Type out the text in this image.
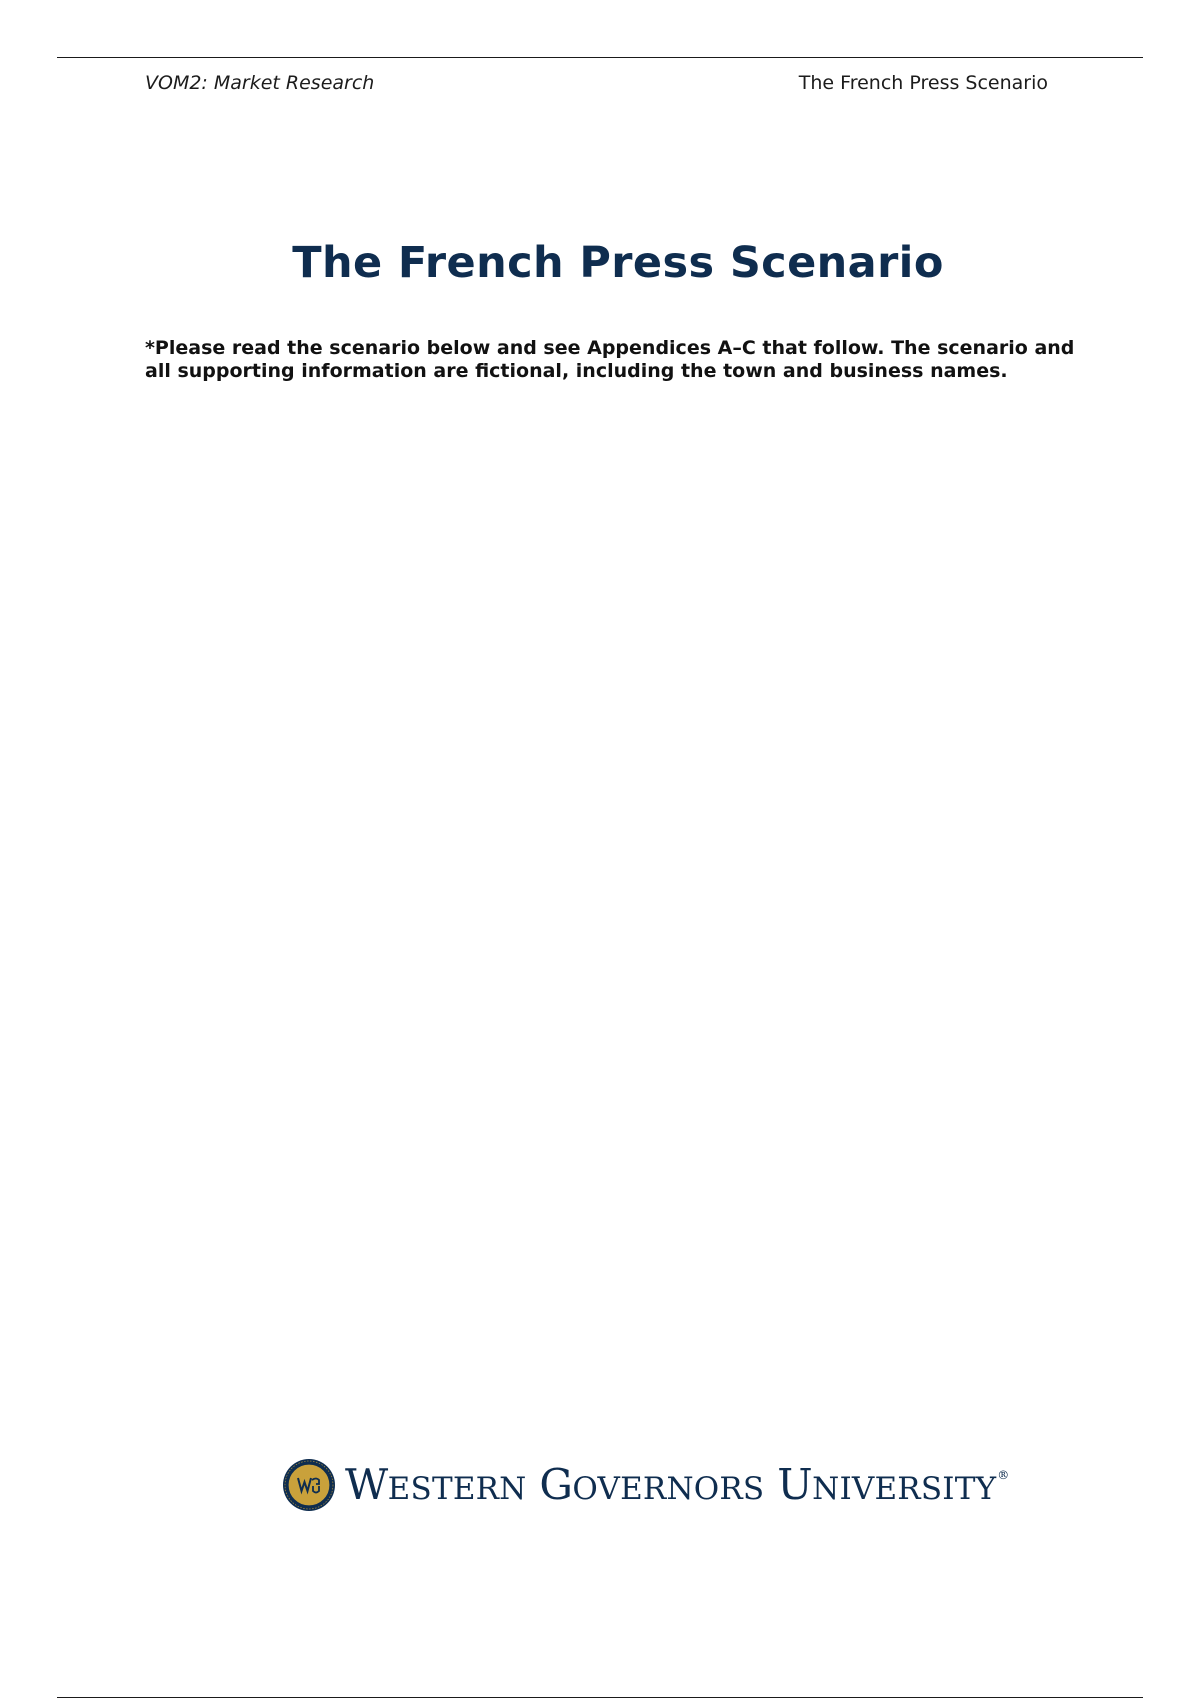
VOM2: Market Research	The French Press Scenario
The French Press Scenario

*Please read the scenario below and see Appendices A–C that follow. The scenario and all supporting information are fictional, including the town and business names.

WESTERN GOVERNORS UNIVERSITY®
